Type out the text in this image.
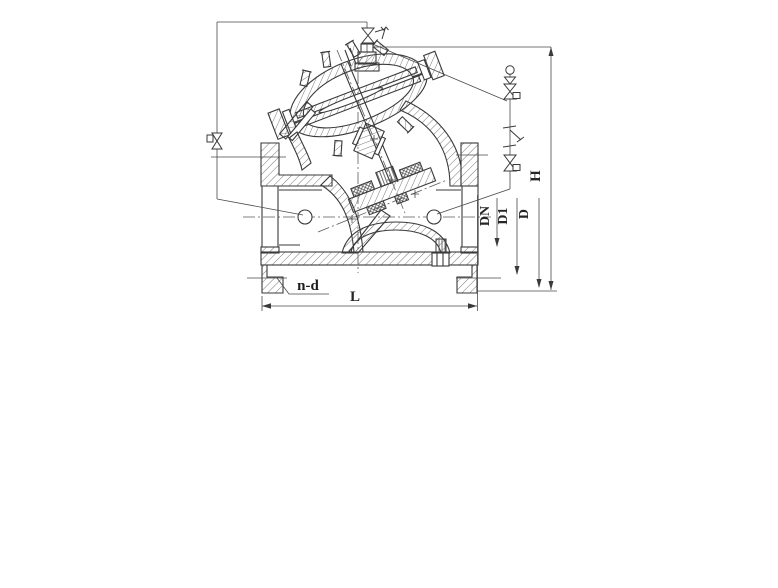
H
D
D1
DN
L
n-d
